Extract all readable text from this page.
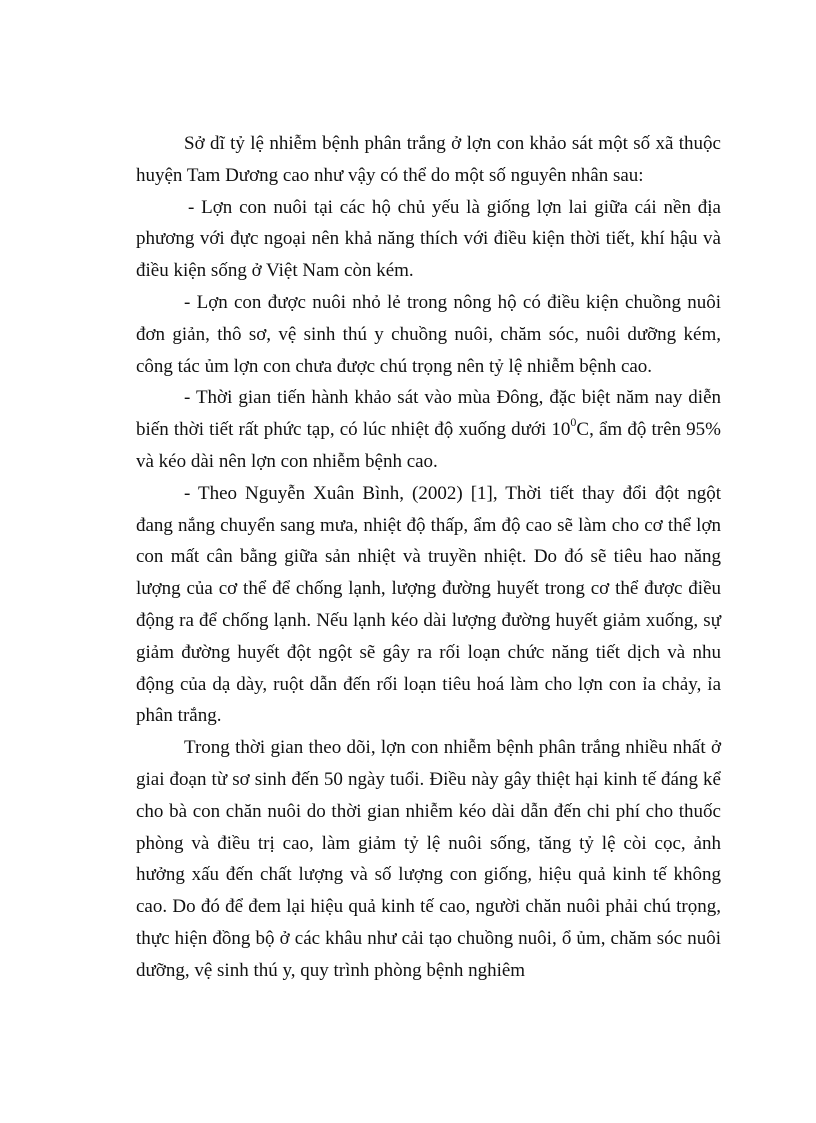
Sở dĩ tỷ lệ nhiễm bệnh phân trắng ở lợn con khảo sát một số xã thuộc huyện Tam Dương cao như vậy có thể do một số nguyên nhân sau:

- Lợn con nuôi tại các hộ chủ yếu là giống lợn lai giữa cái nền địa phương với đực ngoại nên khả năng thích với điều kiện thời tiết, khí hậu và điều kiện sống ở Việt Nam còn kém.

- Lợn con được nuôi nhỏ lẻ trong nông hộ có điều kiện chuồng nuôi đơn giản, thô sơ, vệ sinh thú y chuồng nuôi, chăm sóc, nuôi dưỡng kém, công tác ủm lợn con chưa được chú trọng nên tỷ lệ nhiễm bệnh cao.

- Thời gian tiến hành khảo sát vào mùa Đông, đặc biệt năm nay diễn biến thời tiết rất phức tạp, có lúc nhiệt độ xuống dưới $10^0C$, ẩm độ trên 95% và kéo dài nên lợn con nhiễm bệnh cao.

- Theo Nguyễn Xuân Bình, (2002) [1], Thời tiết thay đổi đột ngột đang nắng chuyển sang mưa, nhiệt độ thấp, ẩm độ cao sẽ làm cho cơ thể lợn con mất cân bằng giữa sản nhiệt và truyền nhiệt. Do đó sẽ tiêu hao năng lượng của cơ thể để chống lạnh, lượng đường huyết trong cơ thể được điều động ra để chống lạnh. Nếu lạnh kéo dài lượng đường huyết giảm xuống, sự giảm đường huyết đột ngột sẽ gây ra rối loạn chức năng tiết dịch và nhu động của dạ dày, ruột dẫn đến rối loạn tiêu hoá làm cho lợn con ỉa chảy, ỉa phân trắng.

Trong thời gian theo dõi, lợn con nhiễm bệnh phân trắng nhiều nhất ở giai đoạn từ sơ sinh đến 50 ngày tuổi. Điều này gây thiệt hại kinh tế đáng kể cho bà con chăn nuôi do thời gian nhiễm kéo dài dẫn đến chi phí cho thuốc phòng và điều trị cao, làm giảm tỷ lệ nuôi sống, tăng tỷ lệ còi cọc, ảnh hưởng xấu đến chất lượng và số lượng con giống, hiệu quả kinh tế không cao. Do đó để đem lại hiệu quả kinh tế cao, người chăn nuôi phải chú trọng, thực hiện đồng bộ ở các khâu như cải tạo chuồng nuôi, ổ ủm, chăm sóc nuôi dưỡng, vệ sinh thú y, quy trình phòng bệnh nghiêm
